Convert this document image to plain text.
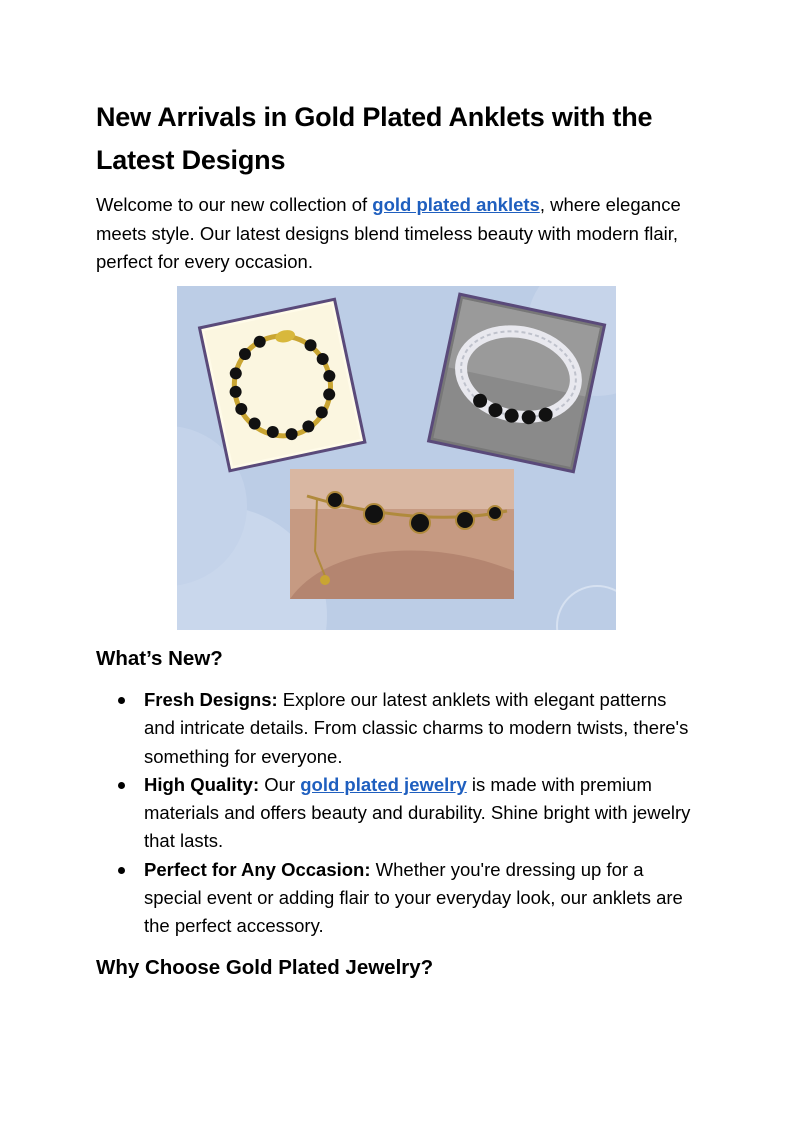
New Arrivals in Gold Plated Anklets with the Latest Designs

Welcome to our new collection of gold plated anklets, where elegance meets style. Our latest designs blend timeless beauty with modern flair, perfect for every occasion.

What’s New?
Fresh Designs: Explore our latest anklets with elegant patterns and intricate details. From classic charms to modern twists, there's something for everyone.
High Quality: Our gold plated jewelry is made with premium materials and offers beauty and durability. Shine bright with jewelry that lasts.
Perfect for Any Occasion: Whether you're dressing up for a special event or adding flair to your everyday look, our anklets are the perfect accessory.
Why Choose Gold Plated Jewelry?
